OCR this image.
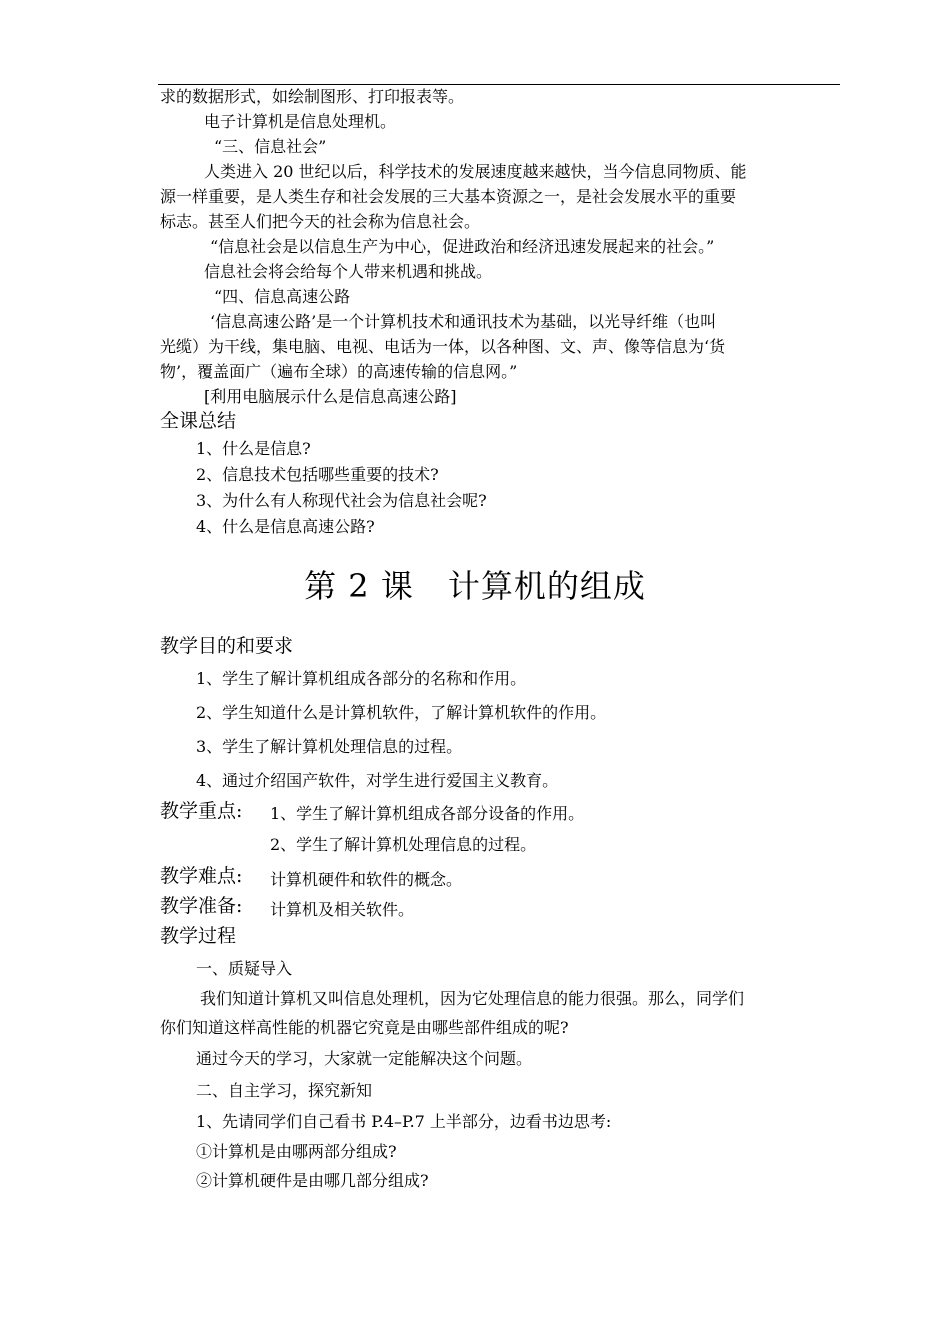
求的数据形式，如绘制图形、打印报表等。
电子计算机是信息处理机。
“三、信息社会”
人类进入 20 世纪以后，科学技术的发展速度越来越快，当今信息同物质、能
源一样重要，是人类生存和社会发展的三大基本资源之一，是社会发展水平的重要
标志。甚至人们把今天的社会称为信息社会。
“信息社会是以信息生产为中心，促进政治和经济迅速发展起来的社会。”
信息社会将会给每个人带来机遇和挑战。
“四、信息高速公路
‘信息高速公路’是一个计算机技术和通讯技术为基础，以光导纤维（也叫
光缆）为干线，集电脑、电视、电话为一体，以各种图、文、声、像等信息为‘货
物’，覆盖面广（遍布全球）的高速传输的信息网。”
[利用电脑展示什么是信息高速公路]
全课总结
1、什么是信息?
2、信息技术包括哪些重要的技术?
3、为什么有人称现代社会为信息社会呢?
4、什么是信息高速公路?
第 2 课 计算机的组成
教学目的和要求
1、学生了解计算机组成各部分的名称和作用。
2、学生知道什么是计算机软件，了解计算机软件的作用。
3、学生了解计算机处理信息的过程。
4、通过介绍国产软件，对学生进行爱国主义教育。
教学重点: 1、学生了解计算机组成各部分设备的作用。
2、学生了解计算机处理信息的过程。
教学难点: 计算机硬件和软件的概念。
教学准备: 计算机及相关软件。
教学过程
一、质疑导入
我们知道计算机又叫信息处理机，因为它处理信息的能力很强。那么，同学们
你们知道这样高性能的机器它究竟是由哪些部件组成的呢?
通过今天的学习，大家就一定能解决这个问题。
二、自主学习，探究新知
1、先请同学们自己看书 P.4–P.7 上半部分，边看书边思考:
①计算机是由哪两部分组成?
②计算机硬件是由哪几部分组成?
